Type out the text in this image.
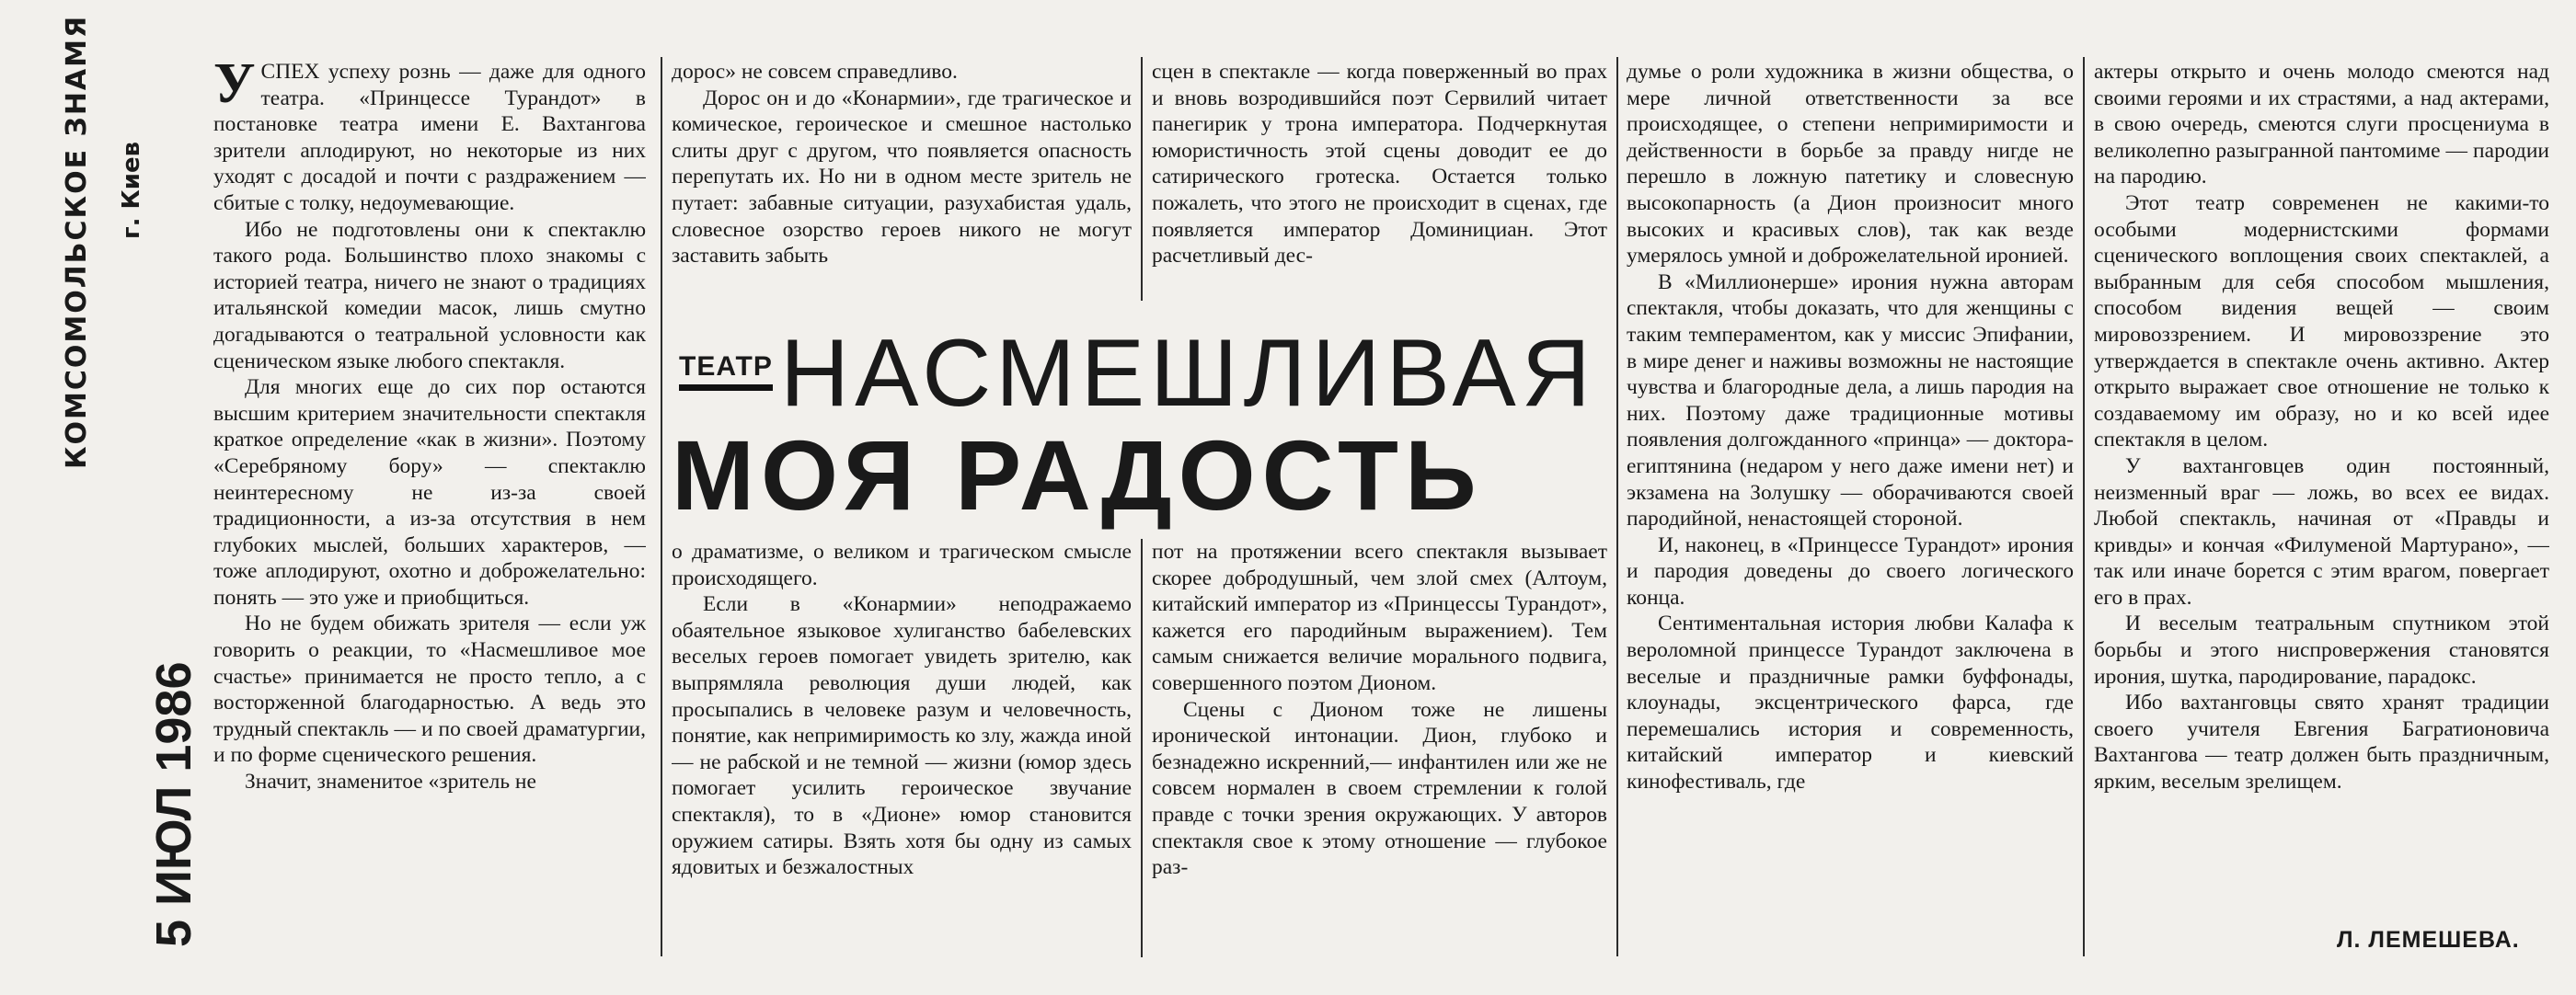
КОМСОМОЛЬСКОЕ ЗНАМЯ г. Киев
5 ИЮЛ 1986

УСПЕХ успеху рознь — даже для одного театра. «Принцессе Турандот» в постановке театра имени Е. Вахтангова зрители аплодируют, но некоторые из них уходят с досадой и почти с раздражением — сбитые с толку, недоумевающие.

Ибо не подготовлены они к спектаклю такого рода. Большинство плохо знакомы с историей театра, ничего не знают о традициях итальянской комедии масок, лишь смутно догадываются о театральной условности как сценическом языке любого спектакля.

Для многих еще до сих пор остаются высшим критерием значительности спектакля краткое определение «как в жизни». Поэтому «Серебряному бору» — спектаклю неинтересному не из-за своей традиционности, а из-за отсутствия в нем глубоких мыслей, больших характеров, — тоже аплодируют, охотно и доброжелательно: понять — это уже и приобщиться.

Но не будем обижать зрителя — если уж говорить о реакции, то «Насмешливое мое счастье» принимается не просто тепло, а с восторженной благодарностью. А ведь это трудный спектакль — и по своей драматургии, и по форме сценического решения.

Значит, знаменитое «зритель не

дорос» не совсем справедливо.

Дорос он и до «Конармии», где трагическое и комическое, героическое и смешное настолько слиты друг с другом, что появляется опасность перепутать их. Но ни в одном месте зритель не путает: забавные ситуации, разухабистая удаль, словесное озорство героев никого не могут заставить забыть

сцен в спектакле — когда поверженный во прах и вновь возродившийся поэт Сервилий читает панегирик у трона императора. Подчеркнутая юмористичность этой сцены доводит ее до сатирического гротеска. Остается только пожалеть, что этого не происходит в сценах, где появляется император Доминициан. Этот расчетливый дес-

ТЕАТР НАСМЕШЛИВАЯ
МОЯ РАДОСТЬ

о драматизме, о великом и трагическом смысле происходящего.

Если в «Конармии» неподражаемо обаятельное языковое хулиганство бабелевских веселых героев помогает увидеть зрителю, как выпрямляла революция души людей, как просыпались в человеке разум и человечность, понятие, как непримиримость ко злу, жажда иной — не рабской и не темной — жизни (юмор здесь помогает усилить героическое звучание спектакля), то в «Дионе» юмор становится оружием сатиры. Взять хотя бы одну из самых ядовитых и безжалостных

пот на протяжении всего спектакля вызывает скорее добродушный, чем злой смех (Алтоум, китайский император из «Принцессы Турандот», кажется его пародийным выражением). Тем самым снижается величие морального подвига, совершенного поэтом Дионом.

Сцены с Дионом тоже не лишены иронической интонации. Дион, глубоко и безнадежно искренний,— инфантилен или же не совсем нормален в своем стремлении к голой правде с точки зрения окружающих. У авторов спектакля свое к этому отношение — глубокое раз-

думье о роли художника в жизни общества, о мере личной ответственности за все происходящее, о степени непримиримости и действенности в борьбе за правду нигде не перешло в ложную патетику и словесную высокопарность (а Дион произносит много высоких и красивых слов), так как везде умерялось умной и доброжелательной иронией.

В «Миллионерше» ирония нужна авторам спектакля, чтобы доказать, что для женщины с таким темпераментом, как у миссис Эпифании, в мире денег и наживы возможны не настоящие чувства и благородные дела, а лишь пародия на них. Поэтому даже традиционные мотивы появления долгожданного «принца» — доктора-египтянина (недаром у него даже имени нет) и экзамена на Золушку — оборачиваются своей пародийной, ненастоящей стороной.

И, наконец, в «Принцессе Турандот» ирония и пародия доведены до своего логического конца.

Сентиментальная история любви Калафа к вероломной принцессе Турандот заключена в веселые и праздничные рамки буффонады, клоунады, эксцентрического фарса, где перемешались история и современность, китайский император и киевский кинофестиваль, где

актеры открыто и очень молодо смеются над своими героями и их страстями, а над актерами, в свою очередь, смеются слуги просцениума в великолепно разыгранной пантомиме — пародии на пародию.

Этот театр современен не какими-то особыми модернистскими формами сценического воплощения своих спектаклей, а выбранным для себя способом мышления, способом видения вещей — своим мировоззрением. И мировоззрение это утверждается в спектакле очень активно. Актер открыто выражает свое отношение не только к создаваемому им образу, но и ко всей идее спектакля в целом.

У вахтанговцев один постоянный, неизменный враг — ложь, во всех ее видах. Любой спектакль, начиная от «Правды и кривды» и кончая «Филуменой Мартурано», — так или иначе борется с этим врагом, повергает его в прах.

И веселым театральным спутником этой борьбы и этого ниспровержения становятся ирония, шутка, пародирование, парадокс.

Ибо вахтанговцы свято хранят традиции своего учителя Евгения Багратионовича Вахтангова — театр должен быть праздничным, ярким, веселым зрелищем.

Л. ЛЕМЕШЕВА.
